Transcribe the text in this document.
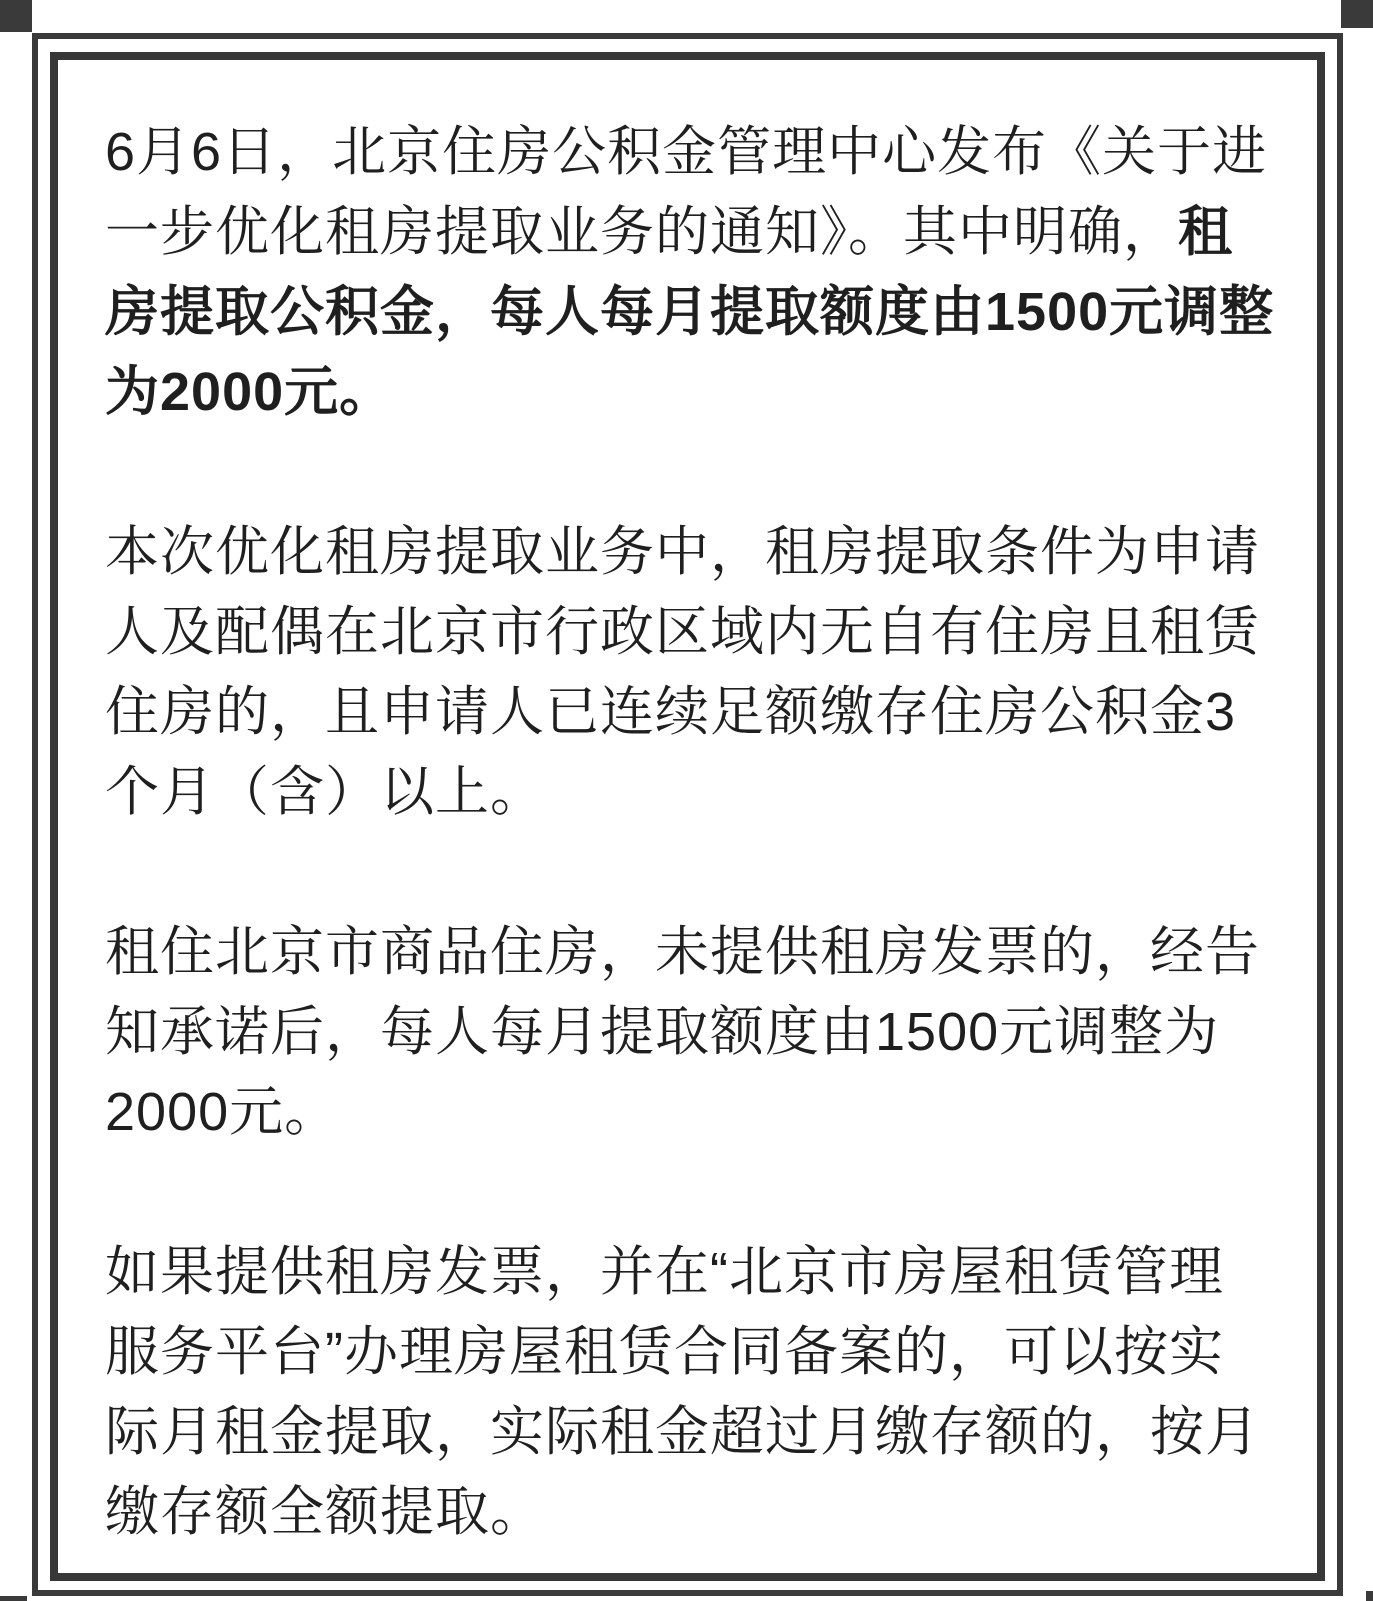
6月6日，北京住房公积金管理中心发布《关于进一步优化租房提取业务的通知》。其中明确，租房提取公积金，每人每月提取额度由1500元调整为2000元。

本次优化租房提取业务中，租房提取条件为申请人及配偶在北京市行政区域内无自有住房且租赁住房的，且申请人已连续足额缴存住房公积金3个月（含）以上。

租住北京市商品住房，未提供租房发票的，经告知承诺后，每人每月提取额度由1500元调整为2000元。

如果提供租房发票，并在“北京市房屋租赁管理服务平台”办理房屋租赁合同备案的，可以按实际月租金提取，实际租金超过月缴存额的，按月缴存额全额提取。
